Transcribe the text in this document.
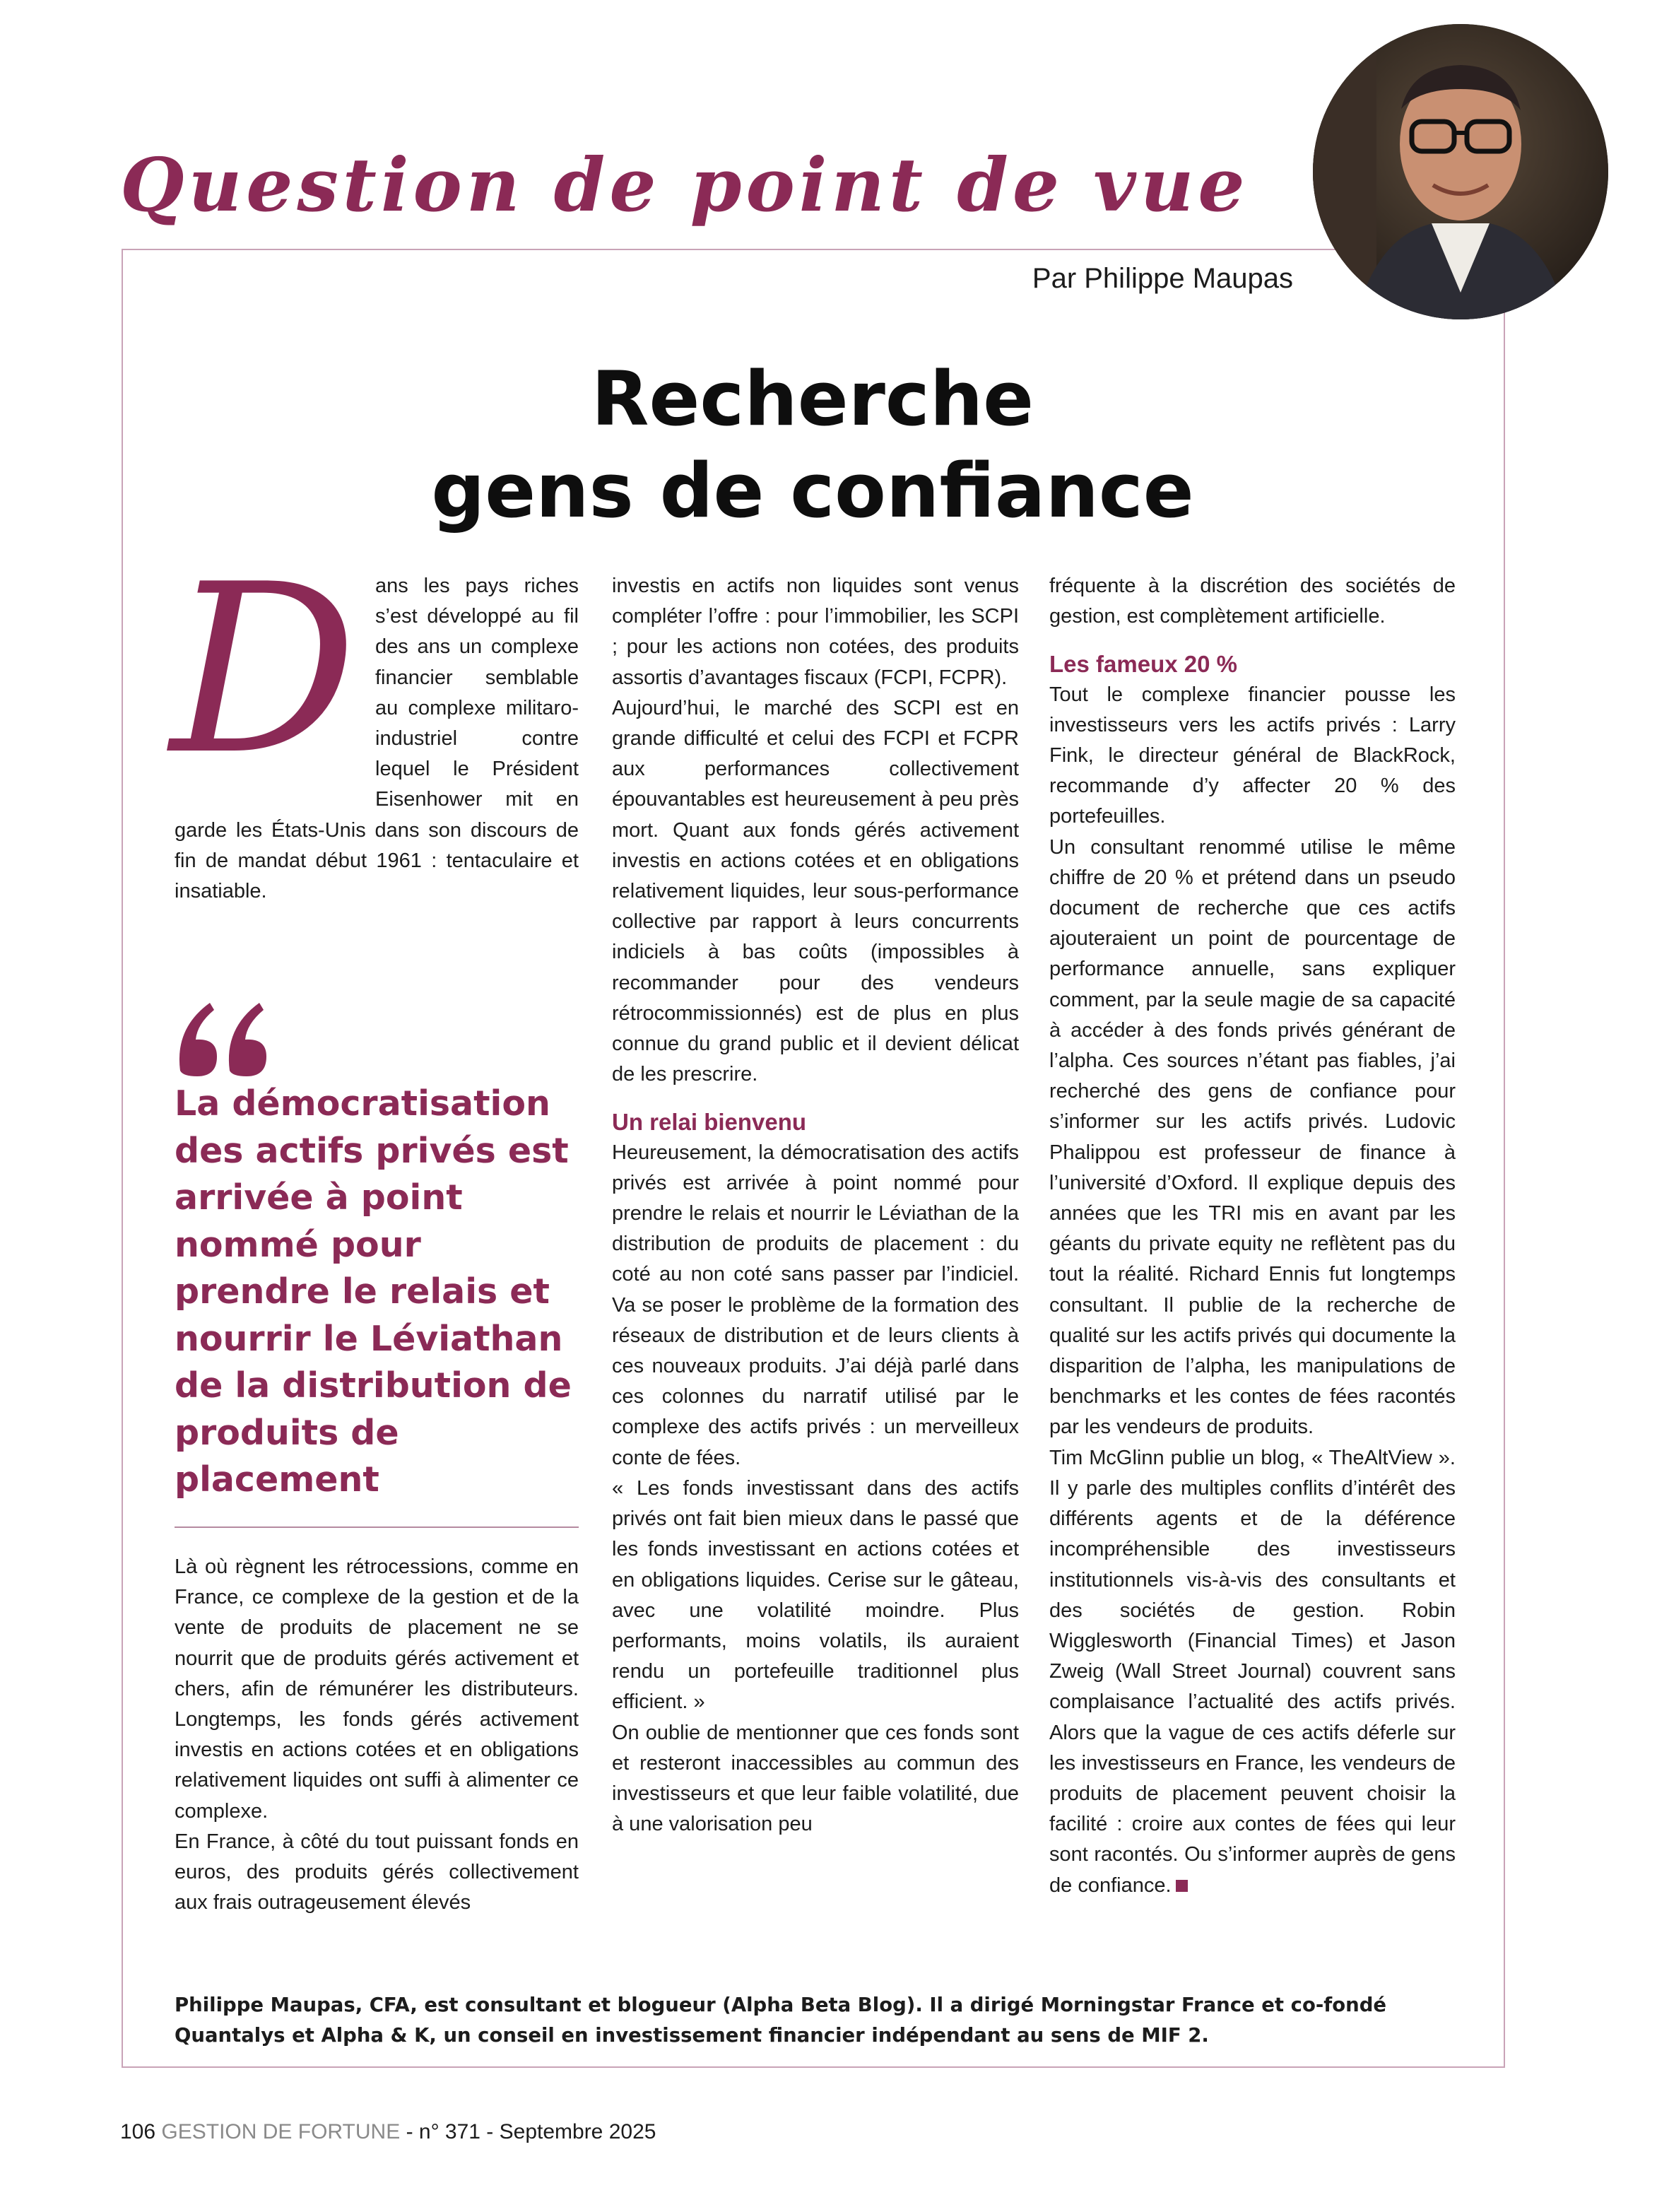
Question de point de vue
Par Philippe Maupas
Recherche
gens de confiance
D ans les pays riches s’est développé au fil des ans un complexe financier semblable au complexe militaro-industriel contre lequel le Président Eisenhower mit en garde les États-Unis dans son discours de fin de mandat début 1961 : tentaculaire et insatiable.

La démocratisation des actifs privés est arrivée à point nommé pour prendre le relais et nourrir le Léviathan de la distribution de produits de placement

Là où règnent les rétrocessions, comme en France, ce complexe de la gestion et de la vente de produits de placement ne se nourrit que de produits gérés activement et chers, afin de rémunérer les distributeurs. Longtemps, les fonds gérés activement investis en actions cotées et en obligations relativement liquides ont suffi à alimenter ce complexe.

En France, à côté du tout puissant fonds en euros, des produits gérés collectivement aux frais outrageusement élevés

investis en actifs non liquides sont venus compléter l’offre : pour l’immobilier, les SCPI ; pour les actions non cotées, des produits assortis d’avantages fiscaux (FCPI, FCPR).

Aujourd’hui, le marché des SCPI est en grande difficulté et celui des FCPI et FCPR aux performances collectivement épouvantables est heureusement à peu près mort. Quant aux fonds gérés activement investis en actions cotées et en obligations relativement liquides, leur sous-performance collective par rapport à leurs concurrents indiciels à bas coûts (impossibles à recommander pour des vendeurs rétrocommissionnés) est de plus en plus connue du grand public et il devient délicat de les prescrire.

Un relai bienvenu

Heureusement, la démocratisation des actifs privés est arrivée à point nommé pour prendre le relais et nourrir le Léviathan de la distribution de produits de placement : du coté au non coté sans passer par l’indiciel. Va se poser le problème de la formation des réseaux de distribution et de leurs clients à ces nouveaux produits. J’ai déjà parlé dans ces colonnes du narratif utilisé par le complexe des actifs privés : un merveilleux conte de fées.

« Les fonds investissant dans des actifs privés ont fait bien mieux dans le passé que les fonds investissant en actions cotées et en obligations liquides. Cerise sur le gâteau, avec une volatilité moindre. Plus performants, moins volatils, ils auraient rendu un portefeuille traditionnel plus efficient. »

On oublie de mentionner que ces fonds sont et resteront inaccessibles au commun des investisseurs et que leur faible volatilité, due à une valorisation peu

fréquente à la discrétion des sociétés de gestion, est complètement artificielle.

Les fameux 20 %

Tout le complexe financier pousse les investisseurs vers les actifs privés : Larry Fink, le directeur général de BlackRock, recommande d’y affecter 20 % des portefeuilles.

Un consultant renommé utilise le même chiffre de 20 % et prétend dans un pseudo document de recherche que ces actifs ajouteraient un point de pourcentage de performance annuelle, sans expliquer comment, par la seule magie de sa capacité à accéder à des fonds privés générant de l’alpha. Ces sources n’étant pas fiables, j’ai recherché des gens de confiance pour s’informer sur les actifs privés. Ludovic Phalippou est professeur de finance à l’université d’Oxford. Il explique depuis des années que les TRI mis en avant par les géants du private equity ne reflètent pas du tout la réalité. Richard Ennis fut longtemps consultant. Il publie de la recherche de qualité sur les actifs privés qui documente la disparition de l’alpha, les manipulations de benchmarks et les contes de fées racontés par les vendeurs de produits.

Tim McGlinn publie un blog, « TheAltView ». Il y parle des multiples conflits d’intérêt des différents agents et de la déférence incompréhensible des investisseurs institutionnels vis-à-vis des consultants et des sociétés de gestion. Robin Wigglesworth (Financial Times) et Jason Zweig (Wall Street Journal) couvrent sans complaisance l’actualité des actifs privés. Alors que la vague de ces actifs déferle sur les investisseurs en France, les vendeurs de produits de placement peuvent choisir la facilité : croire aux contes de fées qui leur sont racontés. Ou s’informer auprès de gens de confiance.

Philippe Maupas, CFA, est consultant et blogueur (Alpha Beta Blog). Il a dirigé Morningstar France et co-fondé Quantalys et Alpha & K, un conseil en investissement financier indépendant au sens de MIF 2.
106 GESTION DE FORTUNE - n° 371 - Septembre 2025
